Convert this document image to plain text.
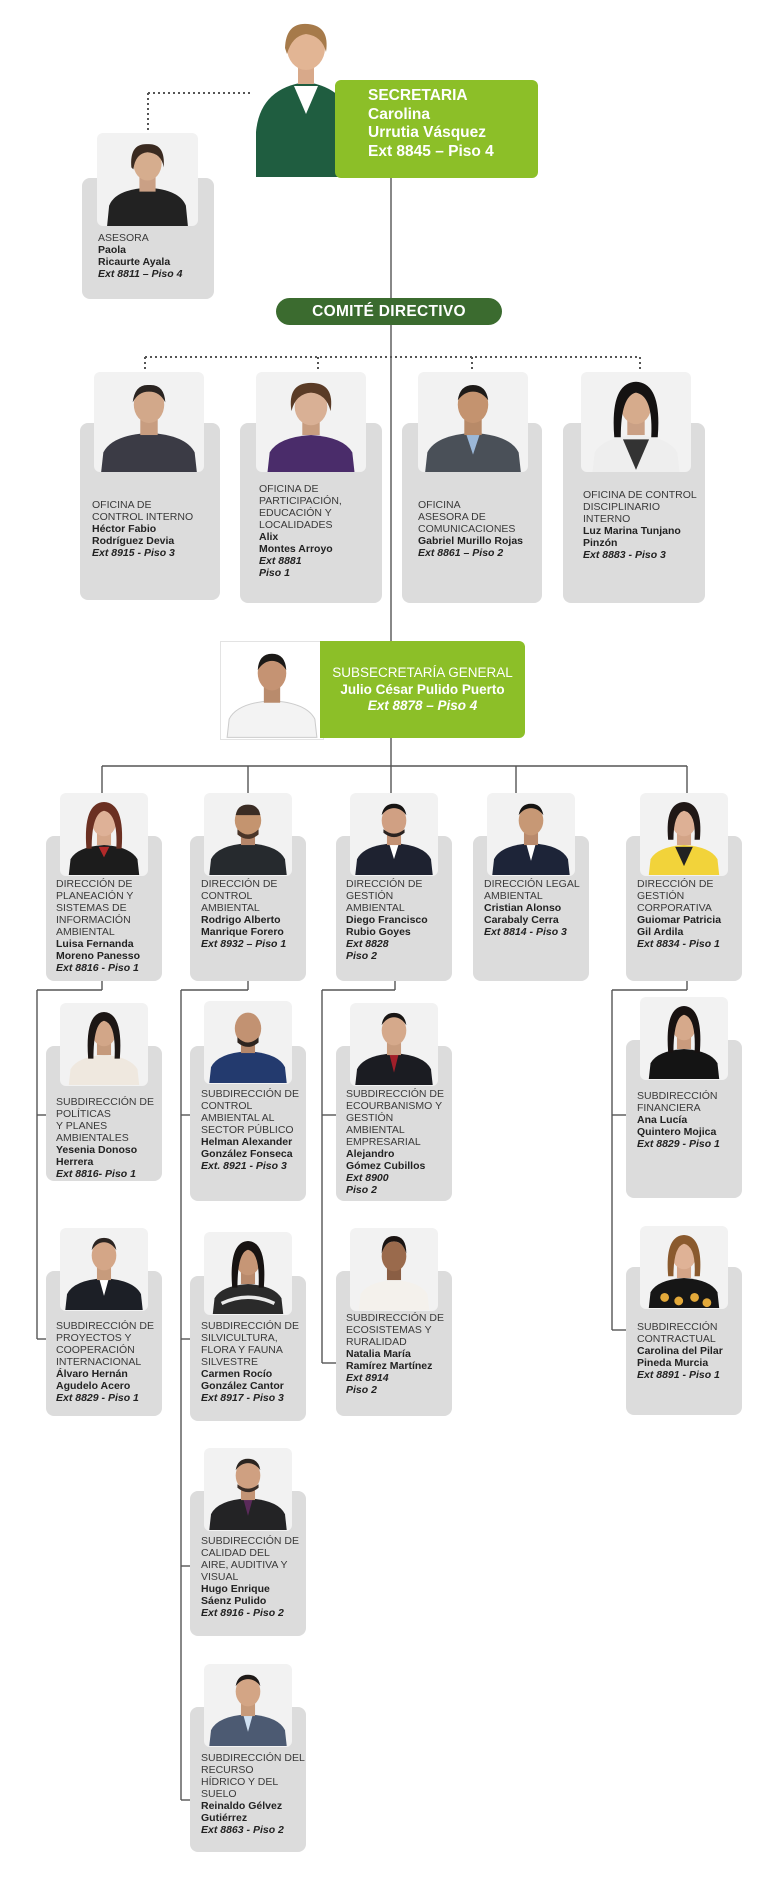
SECRETARIA
Carolina
Urrutia Vásquez
Ext 8845 – Piso 4
ASESORA
Paola
Ricaurte Ayala
Ext 8811 – Piso 4
COMITÉ DIRECTIVO
OFICINA DE
CONTROL INTERNO
Héctor Fabio
Rodríguez Devia
Ext 8915 - Piso 3
OFICINA DE
PARTICIPACIÓN,
EDUCACIÓN Y
LOCALIDADES
Alix
Montes Arroyo
Ext 8881
Piso 1
OFICINA
ASESORA DE
COMUNICACIONES
Gabriel Murillo Rojas
Ext 8861 – Piso 2
OFICINA DE CONTROL
DISCIPLINARIO
INTERNO
Luz Marina Tunjano
Pinzón
Ext 8883 - Piso 3
SUBSECRETARÍA GENERAL
Julio César Pulido Puerto
Ext 8878 – Piso 4
DIRECCIÓN DE
PLANEACIÓN Y
SISTEMAS DE
INFORMACIÓN
AMBIENTAL
Luisa Fernanda
Moreno Panesso
Ext 8816 - Piso 1
DIRECCIÓN DE
CONTROL
AMBIENTAL
Rodrigo Alberto
Manrique Forero
Ext 8932 – Piso 1
DIRECCIÓN DE
GESTIÓN
AMBIENTAL
Diego Francisco
Rubio Goyes
Ext 8828
Piso 2
DIRECCIÓN LEGAL
AMBIENTAL
Cristian Alonso
Carabaly Cerra
Ext 8814 - Piso 3
DIRECCIÓN DE
GESTIÓN
CORPORATIVA
Guiomar Patricia
Gil Ardila
Ext 8834 - Piso 1
SUBDIRECCIÓN DE
POLÍTICAS
Y PLANES
AMBIENTALES
Yesenia Donoso
Herrera
Ext 8816- Piso 1
SUBDIRECCIÓN DE
PROYECTOS Y
COOPERACIÓN
INTERNACIONAL
Álvaro Hernán
Agudelo Acero
Ext 8829 - Piso 1
SUBDIRECCIÓN DE
CONTROL
AMBIENTAL AL
SECTOR PÚBLICO
Helman Alexander
González Fonseca
Ext. 8921 - Piso 3
SUBDIRECCIÓN DE
SILVICULTURA,
FLORA Y FAUNA
SILVESTRE
Carmen Rocío
González Cantor
Ext 8917 - Piso 3
SUBDIRECCIÓN DE
CALIDAD DEL
AIRE, AUDITIVA Y
VISUAL
Hugo Enrique
Sáenz Pulido
Ext 8916 - Piso 2
SUBDIRECCIÓN DEL
RECURSO
HÍDRICO Y DEL
SUELO
Reinaldo Gélvez
Gutiérrez
Ext 8863 - Piso 2
SUBDIRECCIÓN DE
ECOURBANISMO Y
GESTIÓN
AMBIENTAL
EMPRESARIAL
Alejandro
Gómez Cubillos
Ext 8900
Piso 2
SUBDIRECCIÓN DE
ECOSISTEMAS Y
RURALIDAD
Natalia María
Ramírez Martínez
Ext 8914
Piso 2
SUBDIRECCIÓN
FINANCIERA
Ana Lucía
Quintero Mojica
Ext 8829 - Piso 1
SUBDIRECCIÓN
CONTRACTUAL
Carolina del Pilar
Pineda Murcia
Ext 8891 - Piso 1
